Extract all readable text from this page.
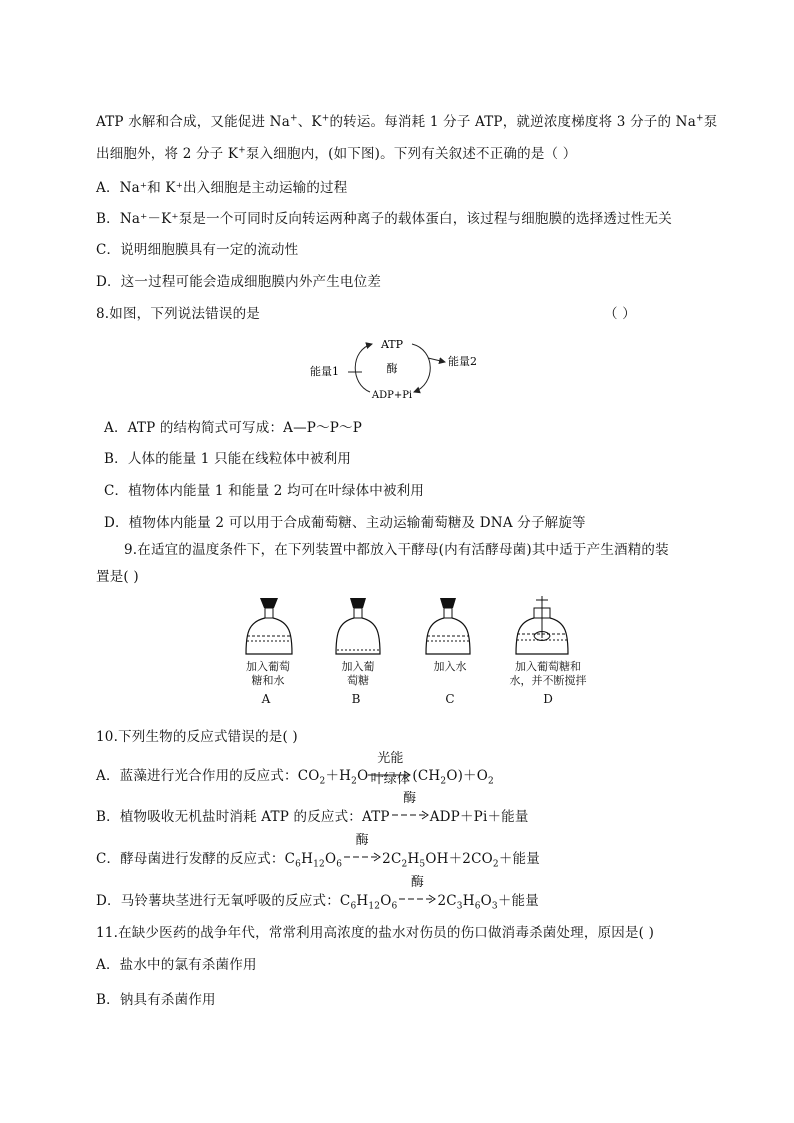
ATP 水解和合成，又能促进 Na+、K+的转运。每消耗 1 分子 ATP，就逆浓度梯度将 3 分子的 Na+泵
出细胞外，将 2 分子 K+泵入细胞内，(如下图)。下列有关叙述不正确的是（ ）
A．Na⁺和 K⁺出入细胞是主动运输的过程
B．Na⁺－K⁺泵是一个可同时反向转运两种离子的载体蛋白，该过程与细胞膜的选择透过性无关
C．说明细胞膜具有一定的流动性
D．这一过程可能会造成细胞膜内外产生电位差
8.如图，下列说法错误的是	（ ）
ATP
酶
ADP+Pi
能量1
能量2
A．ATP 的结构简式可写成：A—P～P～P
B．人体的能量 1 只能在线粒体中被利用
C．植物体内能量 1 和能量 2 均可在叶绿体中被利用
D．植物体内能量 2 可以用于合成葡萄糖、主动运输葡萄糖及 DNA 分子解旋等
9.在适宜的温度条件下，在下列装置中都放入干酵母(内有活酵母菌)其中适于产生酒精的装
置是( )
加入葡萄
糖和水
加入葡
萄糖
加入水	加入葡萄糖和
水，并不断搅拌
A	B	C	D
10.下列生物的反应式错误的是( )
A．蓝藻进行光合作用的反应式：$CO_2+H_2O$
光能
叶绿体 $(CH_2O)+O_2$
B．植物吸收无机盐时消耗 ATP 的反应式：ATP
酶
ADP＋Pi＋能量
C．酵母菌进行发酵的反应式：$C_6H_{12}O_6$
酶
$2C_2H_5OH+2CO_2+$能量
D．马铃薯块茎进行无氧呼吸的反应式：$C_6H_{12}O_6$
酶
$2C_3H_6O_3+$能量
11.在缺少医药的战争年代，常常利用高浓度的盐水对伤员的伤口做消毒杀菌处理，原因是( )
A．盐水中的氯有杀菌作用
B．钠具有杀菌作用
